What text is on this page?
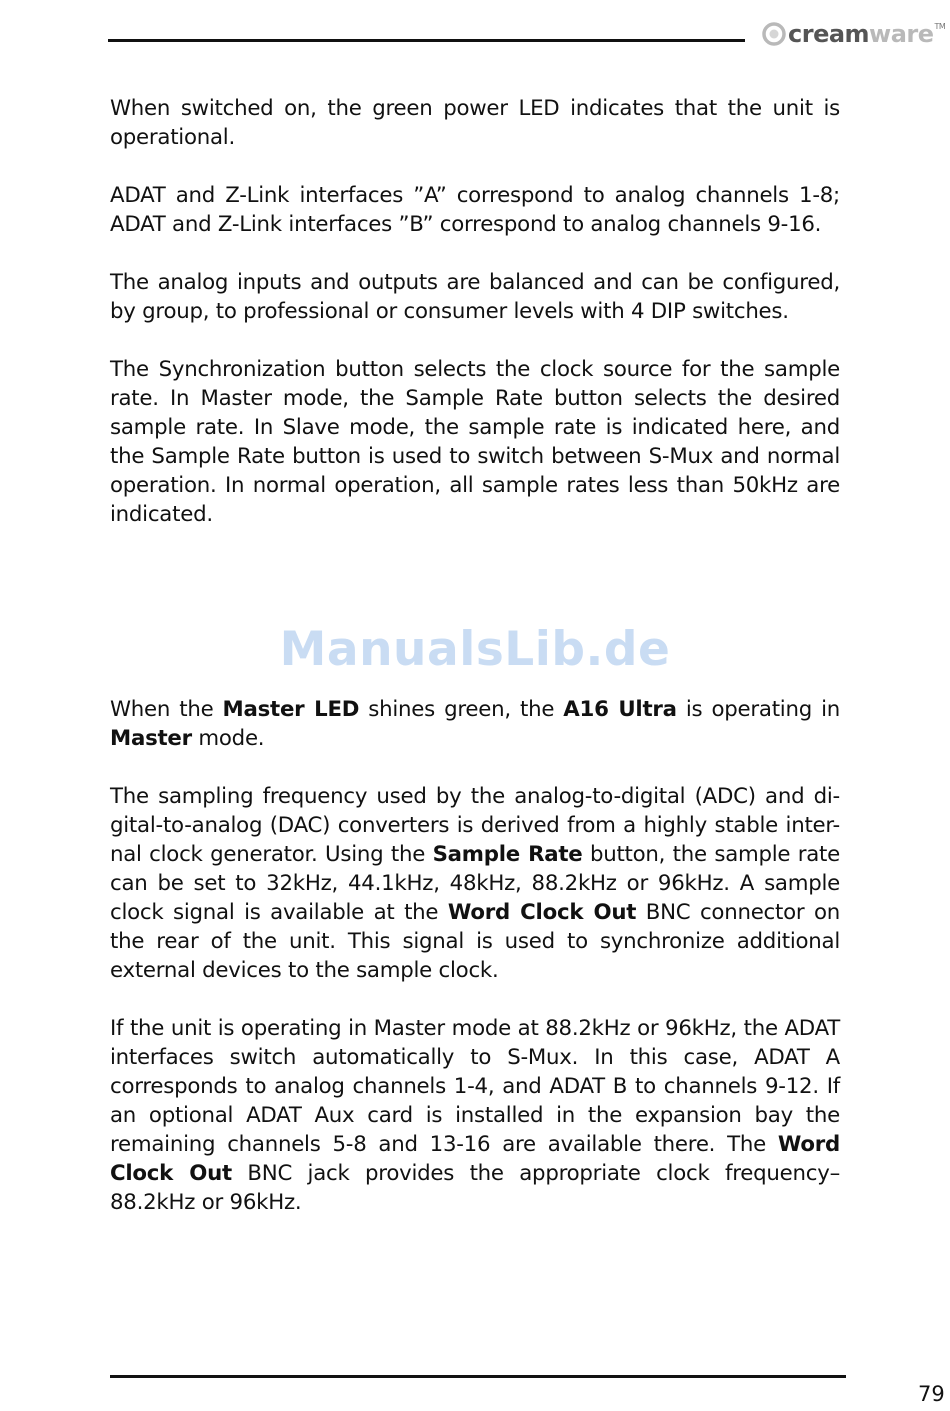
cream ware TM

When switched on, the green power LED indicates that the unit is operational.

ADAT and Z-Link interfaces ”A” correspond to analog channels 1-8; ADAT and Z-Link interfaces ”B” correspond to analog channels 9-16.

The analog inputs and outputs are balanced and can be configured, by group, to professional or consumer levels with 4 DIP switches.

The Synchronization button selects the clock source for the sample rate. In Master mode, the Sample Rate button selects the desired sample rate. In Slave mode, the sample rate is indicated here, and the Sample Rate button is used to switch between S-Mux and normal operation. In normal operation, all sample rates less than 50kHz are indicated.

ManualsLib.de

When the Master LED shines green, the A16 Ultra is operating in Master mode.

The sampling frequency used by the analog-to-digital (ADC) and di-gital-to-analog (DAC) converters is derived from a highly stable inter-nal clock generator. Using the Sample Rate button, the sample rate can be set to 32kHz, 44.1kHz, 48kHz, 88.2kHz or 96kHz. A sample clock signal is available at the Word Clock Out BNC connector on the rear of the unit. This signal is used to synchronize additional external devices to the sample clock.

If the unit is operating in Master mode at 88.2kHz or 96kHz, the ADAT interfaces switch automatically to S-Mux. In this case, ADAT A corresponds to analog channels 1-4, and ADAT B to channels 9-12. If an optional ADAT Aux card is installed in the expansion bay the remaining channels 5-8 and 13-16 are available there. The Word Clock Out BNC jack provides the appropriate clock frequency–88.2kHz or 96kHz.

79
